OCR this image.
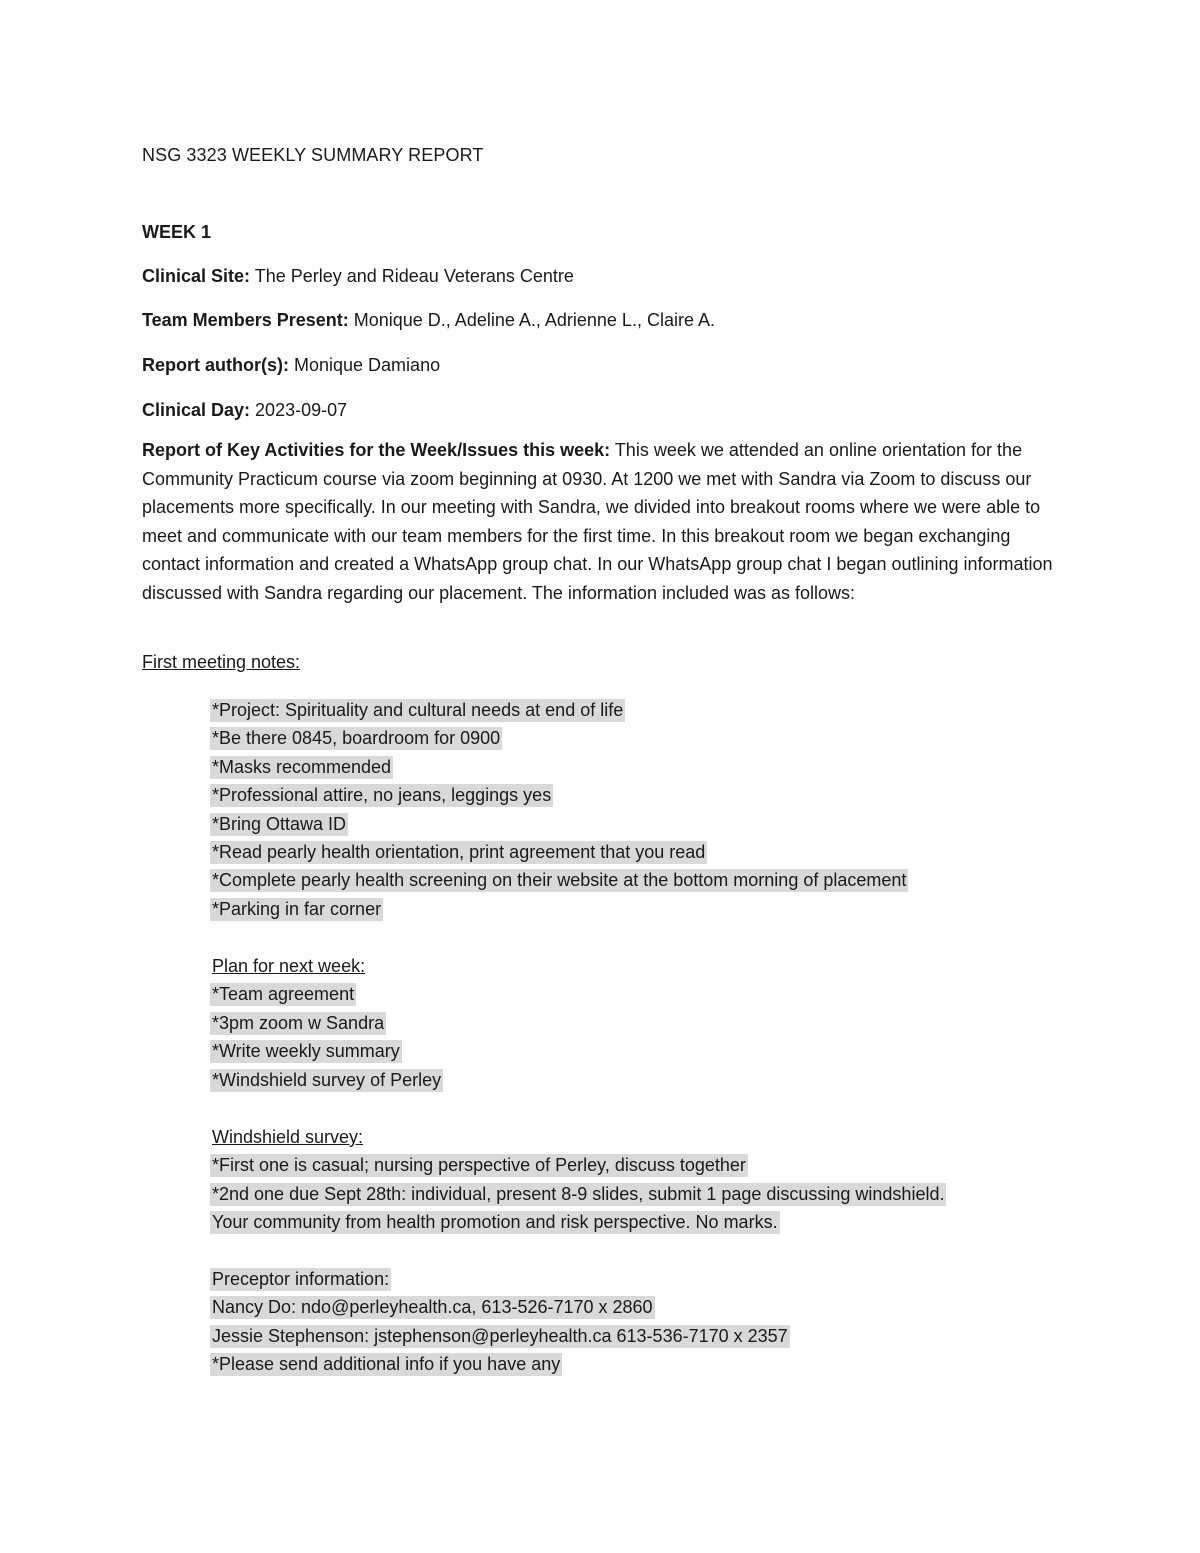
NSG 3323 WEEKLY SUMMARY REPORT
WEEK 1
Clinical Site: The Perley and Rideau Veterans Centre
Team Members Present: Monique D., Adeline A., Adrienne L., Claire A.
Report author(s): Monique Damiano
Clinical Day: 2023-09-07
Report of Key Activities for the Week/Issues this week: This week we attended an online orientation for the Community Practicum course via zoom beginning at 0930. At 1200 we met with Sandra via Zoom to discuss our placements more specifically. In our meeting with Sandra, we divided into breakout rooms where we were able to meet and communicate with our team members for the first time. In this breakout room we began exchanging contact information and created a WhatsApp group chat. In our WhatsApp group chat I began outlining information discussed with Sandra regarding our placement. The information included was as follows:
First meeting notes:
*Project: Spirituality and cultural needs at end of life
*Be there 0845, boardroom for 0900
*Masks recommended
*Professional attire, no jeans, leggings yes
*Bring Ottawa ID
*Read pearly health orientation, print agreement that you read
*Complete pearly health screening on their website at the bottom morning of placement
*Parking in far corner
Plan for next week:
*Team agreement
*3pm zoom w Sandra
*Write weekly summary
*Windshield survey of Perley
Windshield survey:
*First one is casual; nursing perspective of Perley, discuss together
*2nd one due Sept 28th: individual, present 8-9 slides, submit 1 page discussing windshield.
Your community from health promotion and risk perspective. No marks.
Preceptor information:
Nancy Do: ndo@perleyhealth.ca, 613-526-7170 x 2860
Jessie Stephenson: jstephenson@perleyhealth.ca 613-536-7170 x 2357
*Please send additional info if you have any
